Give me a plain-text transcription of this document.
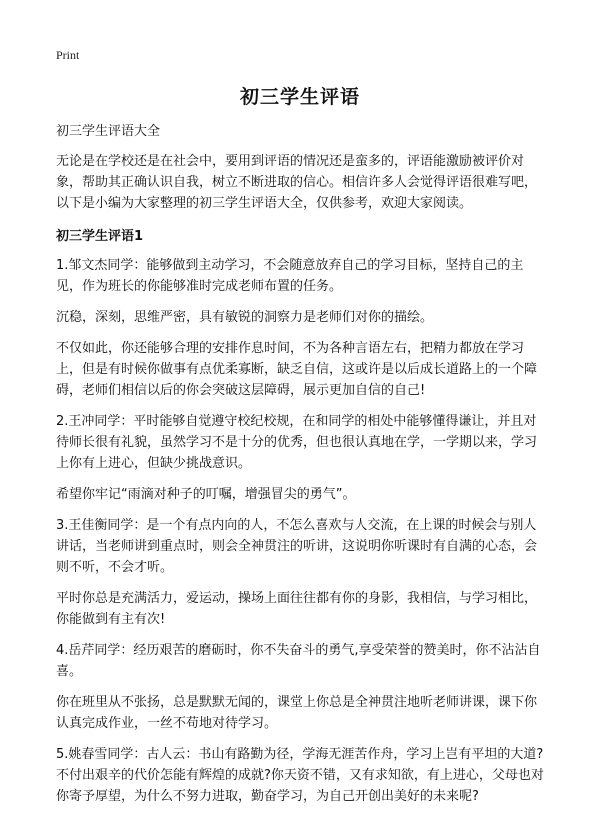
Print
初三学生评语

初三学生评语大全

无论是在学校还是在社会中，要用到评语的情况还是蛮多的，评语能激励被评价对象，帮助其正确认识自我，树立不断进取的信心。相信许多人会觉得评语很难写吧，以下是小编为大家整理的初三学生评语大全，仅供参考，欢迎大家阅读。

初三学生评语1

1.邹文杰同学：能够做到主动学习，不会随意放弃自己的学习目标，坚持自己的主见，作为班长的你能够准时完成老师布置的任务。

沉稳，深刻，思维严密，具有敏锐的洞察力是老师们对你的描绘。

不仅如此，你还能够合理的安排作息时间，不为各种言语左右，把精力都放在学习上，但是有时候你做事有点优柔寡断，缺乏自信，这或许是以后成长道路上的一个障碍，老师们相信以后的你会突破这层障碍，展示更加自信的自己!

2.王冲同学：平时能够自觉遵守校纪校规，在和同学的相处中能够懂得谦让，并且对待师长很有礼貌，虽然学习不是十分的优秀，但也很认真地在学，一学期以来，学习上你有上进心，但缺少挑战意识。

希望你牢记“雨滴对种子的叮嘱，增强冒尖的勇气”。

3.王佳衡同学：是一个有点内向的人，不怎么喜欢与人交流，在上课的时候会与别人讲话，当老师讲到重点时，则会全神贯注的听讲，这说明你听课时有自满的心态，会则不听，不会才听。

平时你总是充满活力，爱运动，操场上面往往都有你的身影，我相信，与学习相比，你能做到有主有次!

4.岳芹同学：经历艰苦的磨砺时，你不失奋斗的勇气,享受荣誉的赞美时，你不沾沾自喜。

你在班里从不张扬，总是默默无闻的，课堂上你总是全神贯注地听老师讲课，课下你认真完成作业，一丝不苟地对待学习。

5.姚春雪同学：古人云：书山有路勤为径，学海无涯苦作舟，学习上岂有平坦的大道?不付出艰辛的代价怎能有辉煌的成就?你天资不错，又有求知欲，有上进心，父母也对你寄予厚望，为什么不努力进取，勤奋学习，为自己开创出美好的未来呢?
